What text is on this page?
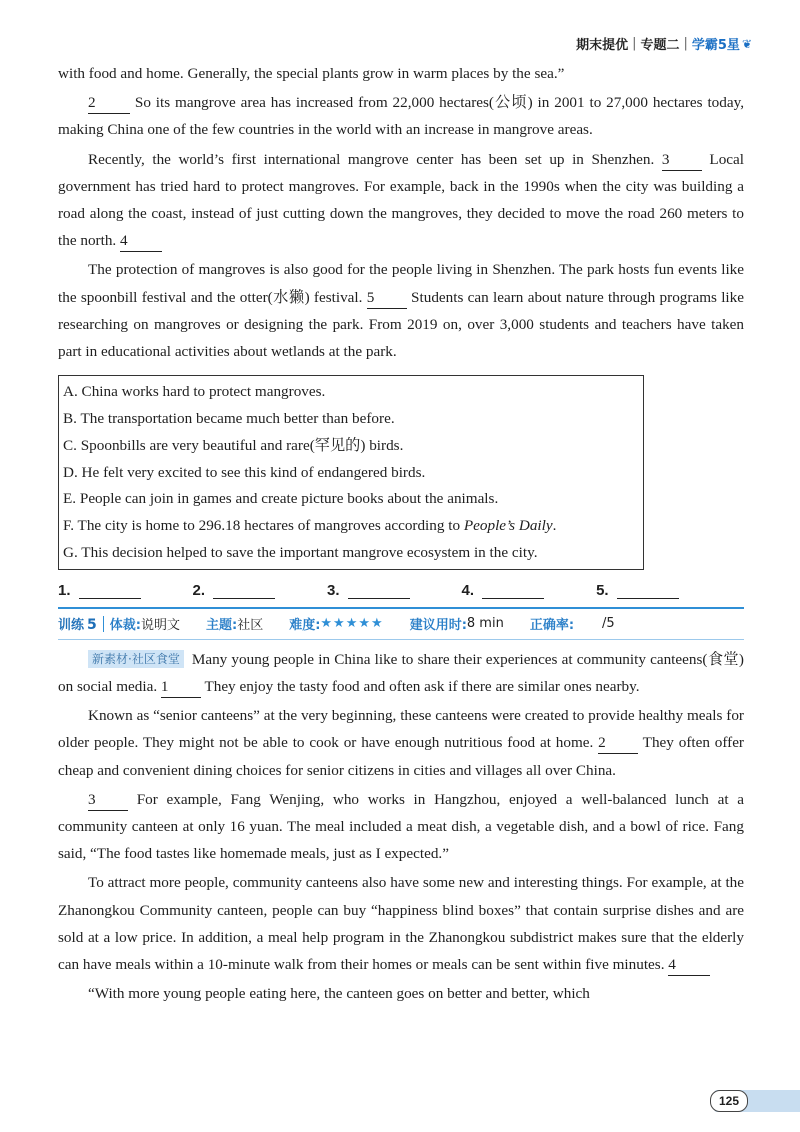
期末提优 | 专题二 | 学霸5星 ❦

with food and home. Generally, the special plants grow in warm places by the sea.”

2 So its mangrove area has increased from 22,000 hectares(公顷) in 2001 to 27,000 hectares today, making China one of the few countries in the world with an increase in mangrove areas.

Recently, the world’s first international mangrove center has been set up in Shenzhen. 3 Local government has tried hard to protect mangroves. For example, back in the 1990s when the city was building a road along the coast, instead of just cutting down the mangroves, they decided to move the road 260 meters to the north. 4

The protection of mangroves is also good for the people living in Shenzhen. The park hosts fun events like the spoonbill festival and the otter(水獭) festival. 5 Students can learn about nature through programs like researching on mangroves or designing the park. From 2019 on, over 3,000 students and teachers have taken part in educational activities about wetlands at the park.

A. China works hard to protect mangroves.
B. The transportation became much better than before.
C. Spoonbills are very beautiful and rare(罕见的) birds.
D. He felt very excited to see this kind of endangered birds.
E. People can join in games and create picture books about the animals.
F. The city is home to 296.18 hectares of mangroves according to People’s Daily.
G. This decision helped to save the important mangrove ecosystem in the city.
1.	2.	3.	4.	5.
训练 5 体裁: 说明文 主题: 社区 难度: ★★★★★ 建议用时: 8 min 正确率: /5

新素材·社区食堂 Many young people in China like to share their experiences at community canteens(食堂) on social media. 1 They enjoy the tasty food and often ask if there are similar ones nearby.

Known as “senior canteens” at the very beginning, these canteens were created to provide healthy meals for older people. They might not be able to cook or have enough nutritious food at home. 2 They often offer cheap and convenient dining choices for senior citizens in cities and villages all over China.

3 For example, Fang Wenjing, who works in Hangzhou, enjoyed a well-balanced lunch at a community canteen at only 16 yuan. The meal included a meat dish, a vegetable dish, and a bowl of rice. Fang said, “The food tastes like homemade meals, just as I expected.”

To attract more people, community canteens also have some new and interesting things. For example, at the Zhanongkou Community canteen, people can buy “happiness blind boxes” that contain surprise dishes and are sold at a low price. In addition, a meal help program in the Zhanongkou subdistrict makes sure that the elderly can have meals within a 10-minute walk from their homes or meals can be sent within five minutes. 4

“With more young people eating here, the canteen goes on better and better, which

125
